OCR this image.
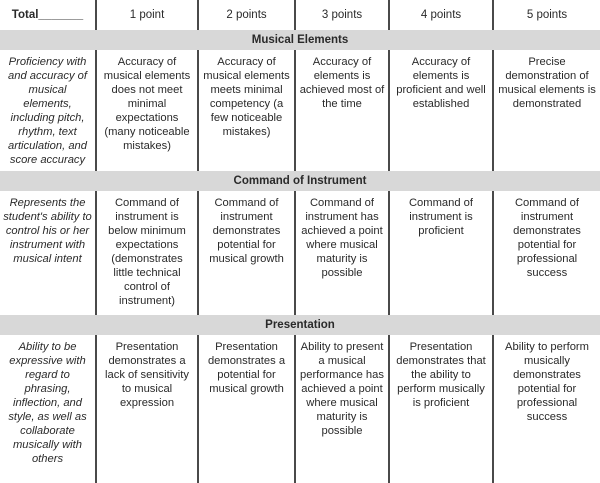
Total_______	1 point	2 points	3 points	4 points	5 points
Musical Elements					
Proficiency with and accuracy of musical elements, including pitch, rhythm, text articulation, and score accuracy	Accuracy of musical elements does not meet minimal expectations (many noticeable mistakes)	Accuracy of musical elements meets minimal competency (a few noticeable mistakes)	Accuracy of elements is achieved most of the time	Accuracy of elements is proficient and well established	Precise demonstration of musical elements is demonstrated
Command of Instrument					
Represents the student's ability to control his or her instrument with musical intent	Command of instrument is below minimum expectations (demonstrates little technical control of instrument)	Command of instrument demonstrates potential for musical growth	Command of instrument has achieved a point where musical maturity is possible	Command of instrument is proficient	Command of instrument demonstrates potential for professional success
Presentation					
Ability to be expressive with regard to phrasing, inflection, and style, as well as collaborate musically with others	Presentation demonstrates a lack of sensitivity to musical expression	Presentation demonstrates a potential for musical growth	Ability to present a musical performance has achieved a point where musical maturity is possible	Presentation demonstrates that the ability to perform musically is proficient	Ability to perform musically demonstrates potential for professional success
